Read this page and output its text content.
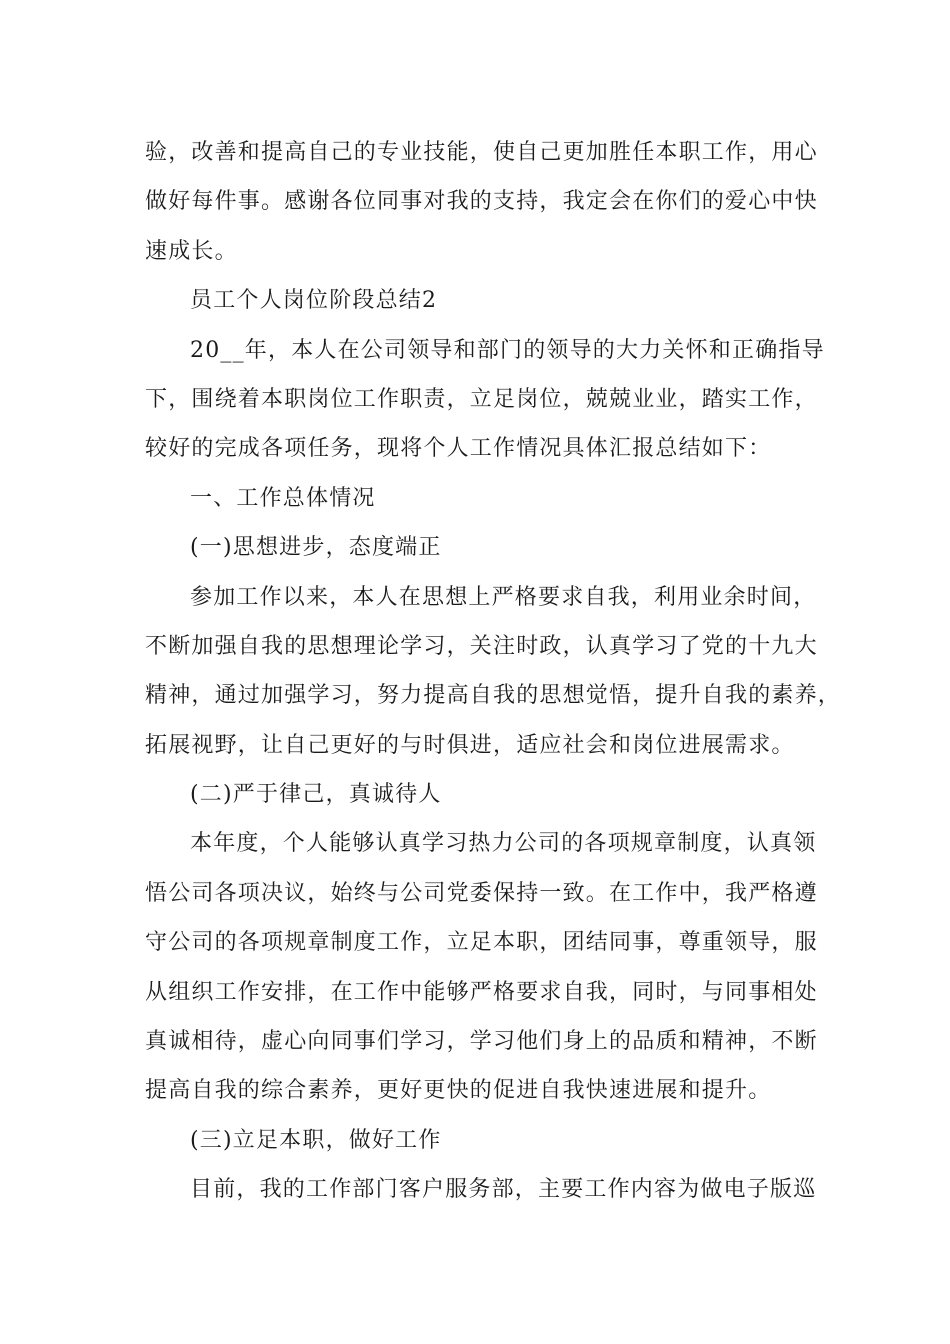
验，改善和提高自己的专业技能，使自己更加胜任本职工作，用心
做好每件事。感谢各位同事对我的支持，我定会在你们的爱心中快
速成长。
员工个人岗位阶段总结2
20__年，本人在公司领导和部门的领导的大力关怀和正确指导
下，围绕着本职岗位工作职责，立足岗位，兢兢业业，踏实工作，
较好的完成各项任务，现将个人工作情况具体汇报总结如下：
一、工作总体情况
(一)思想进步，态度端正
参加工作以来，本人在思想上严格要求自我，利用业余时间，
不断加强自我的思想理论学习，关注时政，认真学习了党的十九大
精神，通过加强学习，努力提高自我的思想觉悟，提升自我的素养，
拓展视野，让自己更好的与时俱进，适应社会和岗位进展需求。
(二)严于律己，真诚待人
本年度，个人能够认真学习热力公司的各项规章制度，认真领
悟公司各项决议，始终与公司党委保持一致。在工作中，我严格遵
守公司的各项规章制度工作，立足本职，团结同事，尊重领导，服
从组织工作安排，在工作中能够严格要求自我，同时，与同事相处
真诚相待，虚心向同事们学习，学习他们身上的品质和精神，不断
提高自我的综合素养，更好更快的促进自我快速进展和提升。
(三)立足本职，做好工作
目前，我的工作部门客户服务部，主要工作内容为做电子版巡
